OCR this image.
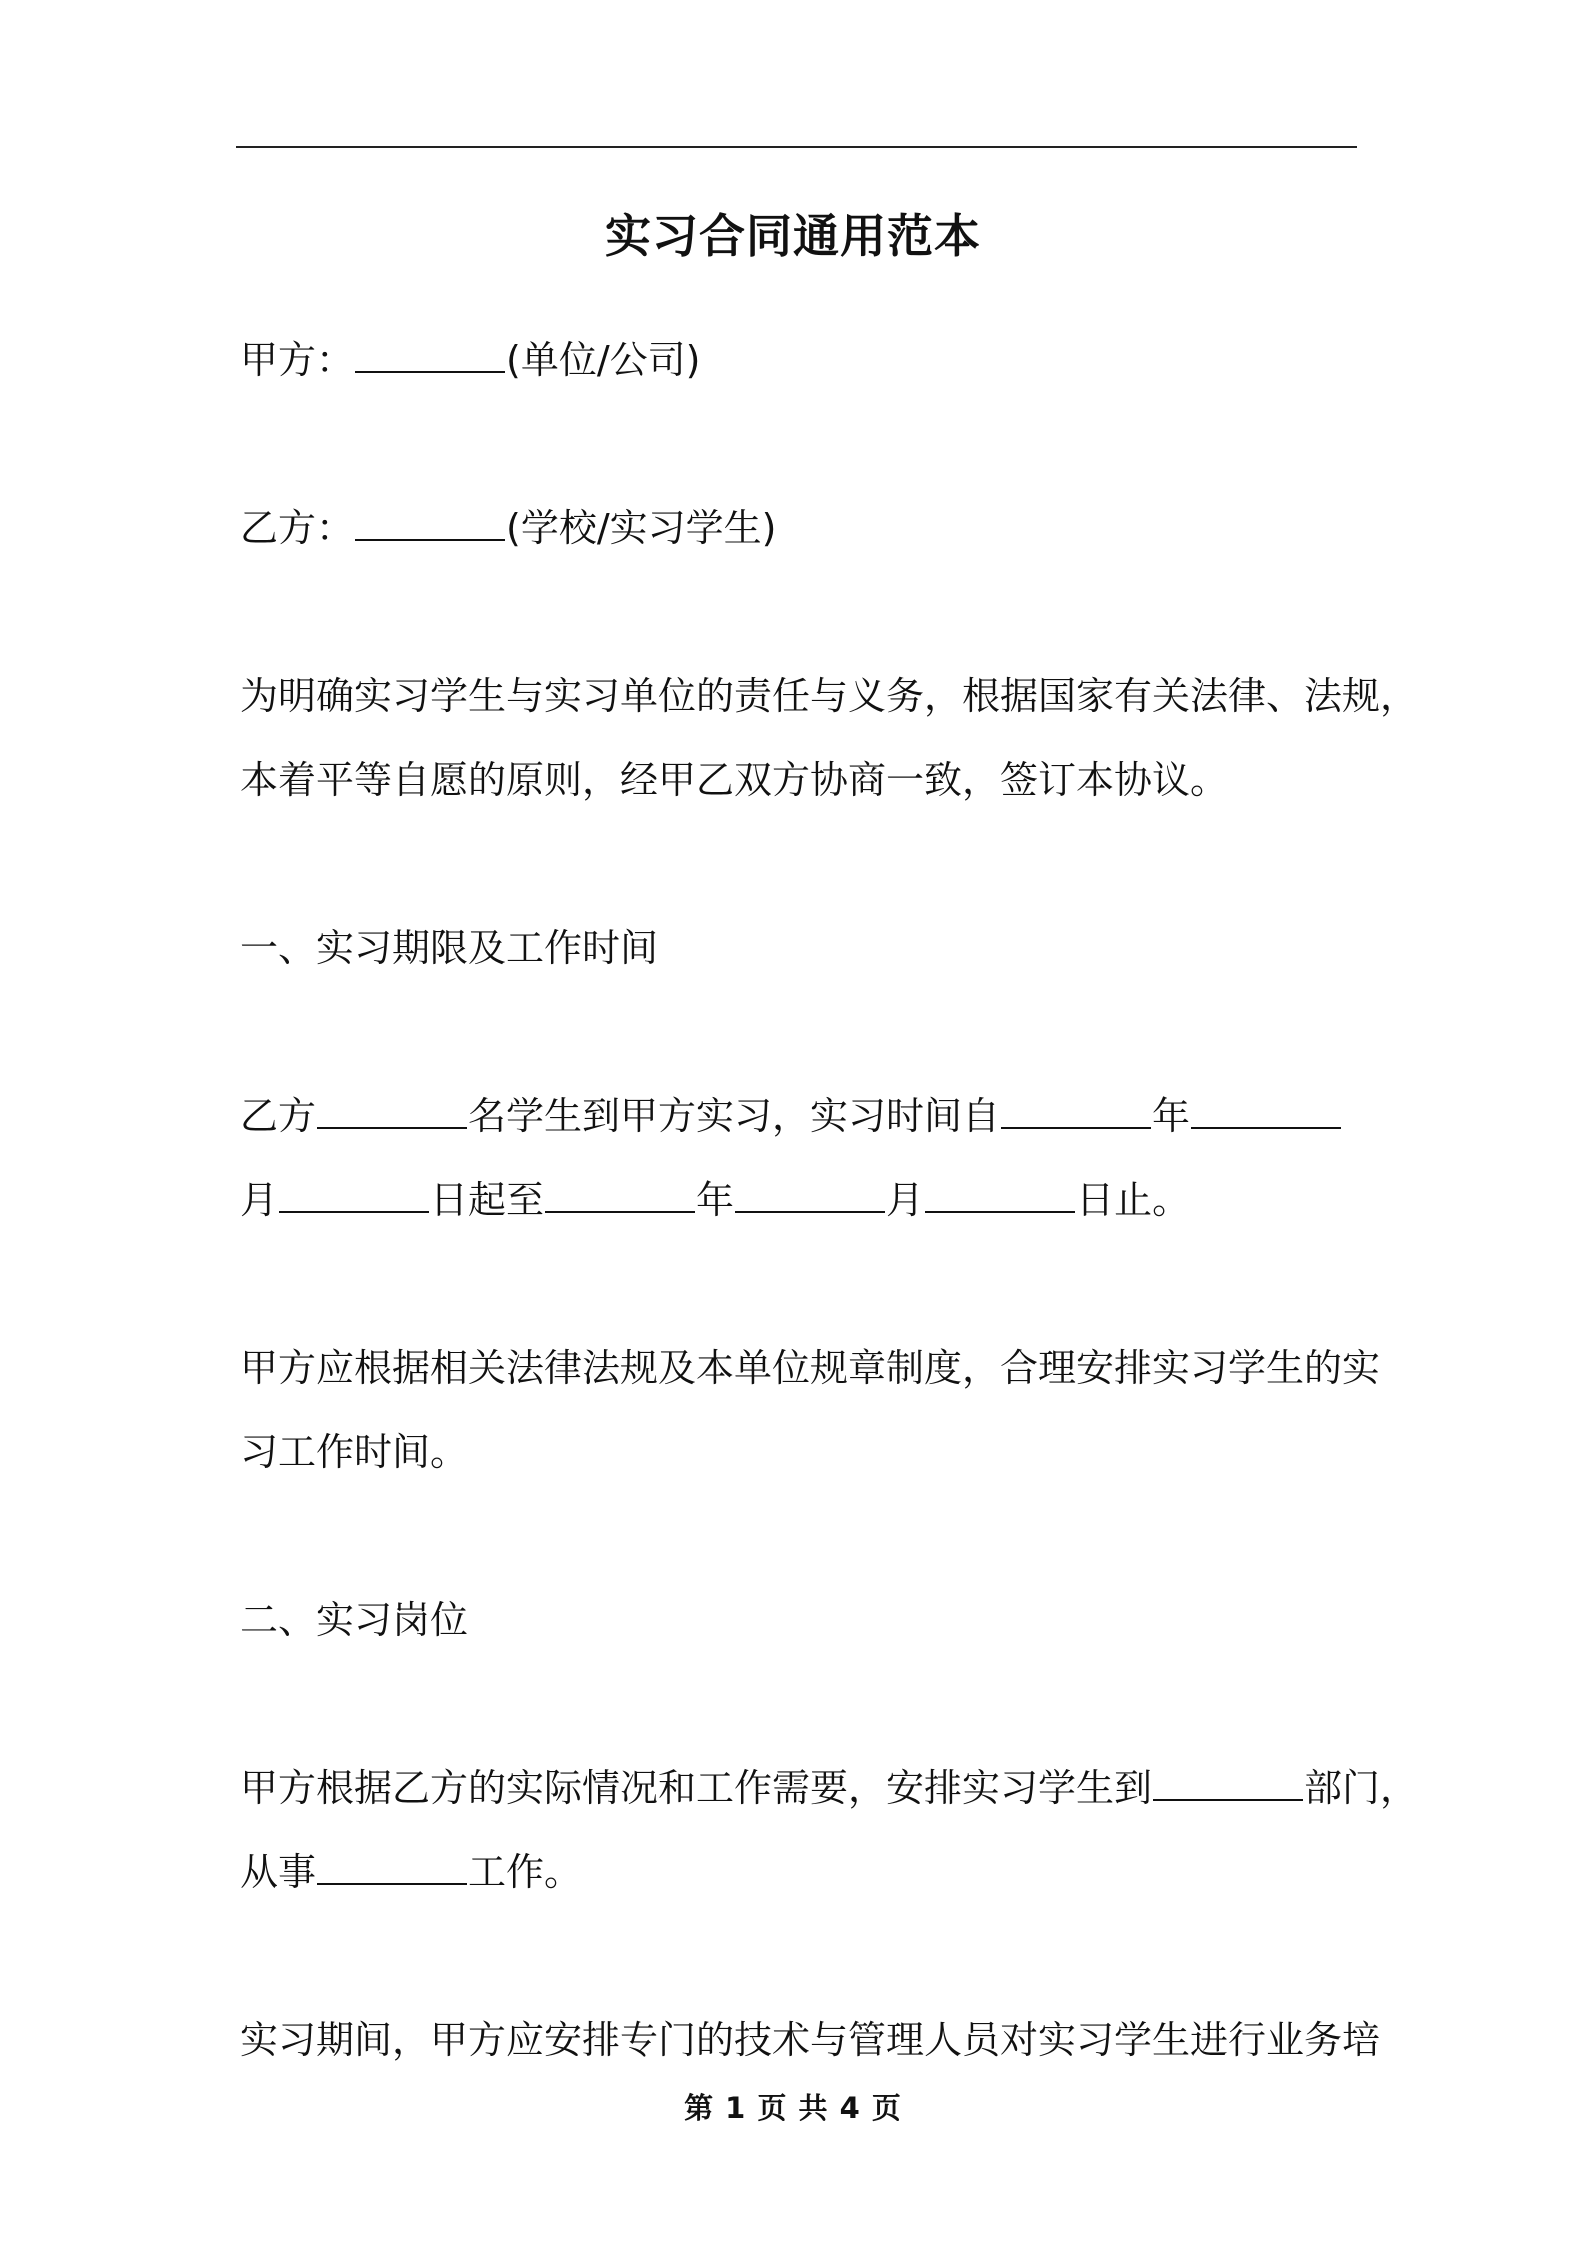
实习合同通用范本
甲方：	(单位/公司)
乙方：	(学校/实习学生)
为明确实习学生与实习单位的责任与义务，根据国家有关法律、法规，
本着平等自愿的原则，经甲乙双方协商一致，签订本协议。
一、实习期限及工作时间
乙方	名学生到甲方实习，实习时间自	年
月	日起至	年	月	日止。
甲方应根据相关法律法规及本单位规章制度，合理安排实习学生的实
习工作时间。
二、实习岗位
甲方根据乙方的实际情况和工作需要，安排实习学生到	部门，
从事	工作。
实习期间，甲方应安排专门的技术与管理人员对实习学生进行业务培
第 1 页 共 4 页
